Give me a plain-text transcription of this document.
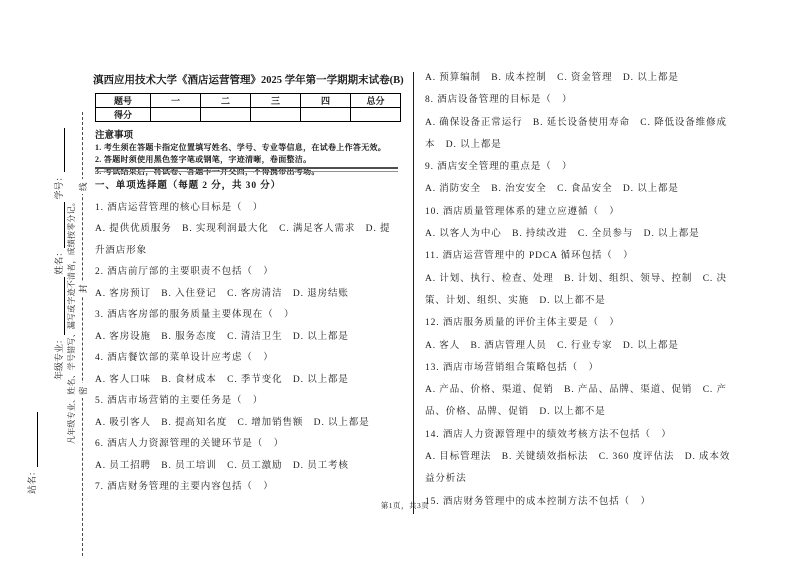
密
封
线
年级专业： 姓名： 学号：
凡年级专业、姓名、学号错写、漏写或字迹不清者，成绩按零分记。
站名：
滇西应用技术大学《酒店运营管理》2025 学年第一学期期末试卷(B)
题号	一	二	三	四	总分
得分					
注意事项
1. 考生须在答题卡指定位置填写姓名、学号、专业等信息，在试卷上作答无效。
2. 答题时须使用黑色签字笔或钢笔，字迹清晰，卷面整洁。
3. 考试结束后，将试卷、答题卡一并交回，不得携带出考场。
一、单项选择题（每题 2 分，共 30 分）
1. 酒店运营管理的核心目标是（　）
A. 提供优质服务　B. 实现利润最大化　C. 满足客人需求　D. 提
升酒店形象
2. 酒店前厅部的主要职责不包括（　）
A. 客房预订　B. 入住登记　C. 客房清洁　D. 退房结账
3. 酒店客房部的服务质量主要体现在（　）
A. 客房设施　B. 服务态度　C. 清洁卫生　D. 以上都是
4. 酒店餐饮部的菜单设计应考虑（　）
A. 客人口味　B. 食材成本　C. 季节变化　D. 以上都是
5. 酒店市场营销的主要任务是（　）
A. 吸引客人　B. 提高知名度　C. 增加销售额　D. 以上都是
6. 酒店人力资源管理的关键环节是（　）
A. 员工招聘　B. 员工培训　C. 员工激励　D. 员工考核
7. 酒店财务管理的主要内容包括（　）
A. 预算编制　B. 成本控制　C. 资金管理　D. 以上都是
8. 酒店设备管理的目标是（　）
A. 确保设备正常运行　B. 延长设备使用寿命　C. 降低设备维修成
本　D. 以上都是
9. 酒店安全管理的重点是（　）
A. 消防安全　B. 治安安全　C. 食品安全　D. 以上都是
10. 酒店质量管理体系的建立应遵循（　）
A. 以客人为中心　B. 持续改进　C. 全员参与　D. 以上都是
11. 酒店运营管理中的 PDCA 循环包括（　）
A. 计划、执行、检查、处理　B. 计划、组织、领导、控制　C. 决
策、计划、组织、实施　D. 以上都不是
12. 酒店服务质量的评价主体主要是（　）
A. 客人　B. 酒店管理人员　C. 行业专家　D. 以上都是
13. 酒店市场营销组合策略包括（　）
A. 产品、价格、渠道、促销　B. 产品、品牌、渠道、促销　C. 产
品、价格、品牌、促销　D. 以上都不是
14. 酒店人力资源管理中的绩效考核方法不包括（　）
A. 目标管理法　B. 关键绩效指标法　C. 360 度评估法　D. 成本效
益分析法
15. 酒店财务管理中的成本控制方法不包括（　）
第1页，共3页
